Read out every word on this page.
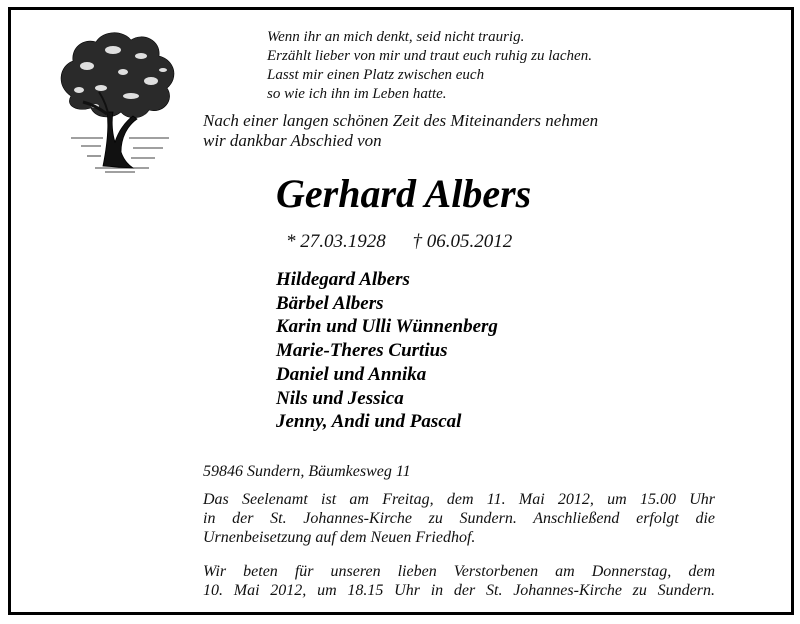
Wenn ihr an mich denkt, seid nicht traurig.
Erzählt lieber von mir und traut euch ruhig zu lachen.
Lasst mir einen Platz zwischen euch
so wie ich ihn im Leben hatte.
Nach einer langen schönen Zeit des Miteinanders nehmen
wir dankbar Abschied von
Gerhard Albers
* 27.03.1928 † 06.05.2012
Hildegard Albers
Bärbel Albers
Karin und Ulli Wünnenberg
Marie-Theres Curtius
Daniel und Annika
Nils und Jessica
Jenny, Andi und Pascal
59846 Sundern, Bäumkesweg 11
Das Seelenamt ist am Freitag, dem 11. Mai 2012, um 15.00 Uhr
in der St. Johannes-Kirche zu Sundern. Anschließend erfolgt die
Urnenbeisetzung auf dem Neuen Friedhof.
Wir beten für unseren lieben Verstorbenen am Donnerstag, dem
10. Mai 2012, um 18.15 Uhr in der St. Johannes-Kirche zu Sundern.
